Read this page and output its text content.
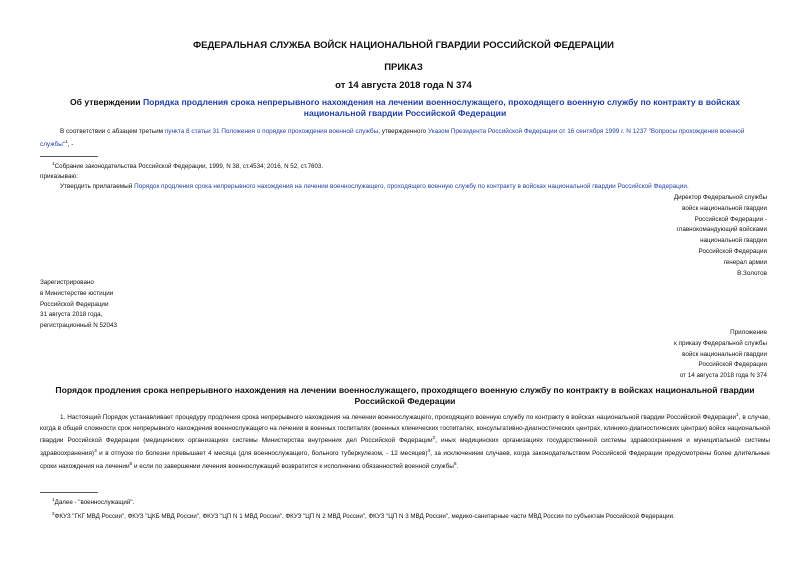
ФЕДЕРАЛЬНАЯ СЛУЖБА ВОЙСК НАЦИОНАЛЬНОЙ ГВАРДИИ РОССИЙСКОЙ ФЕДЕРАЦИИ
ПРИКАЗ
от 14 августа 2018 года N 374
Об утверждении Порядка продления срока непрерывного нахождения на лечении военнослужащего, проходящего военную службу по контракту в войсках национальной гвардии Российской Федерации
В соответствии с абзацем третьим пункта 8 статьи 31 Положения о порядке прохождения военной службы, утвержденного Указом Президента Российской Федерации от 16 сентября 1999 г. N 1237 "Вопросы прохождения военной службы"$^1$, -
$^1$Собрание законодательства Российской Федерации, 1999, N 38, ст.4534; 2016, N 52, ст.7603.
приказываю:
Утвердить прилагаемый Порядок продления срока непрерывного нахождения на лечении военнослужащего, проходящего военную службу по контракту в войсках национальной гвардии Российской Федерации.
Директор Федеральной службы
войск национальной гвардии
Российской Федерации -
главнокомандующий войсками
национальной гвардии
Российской Федерации
генерал армии
В.Золотов
Зарегистрировано
в Министерстве юстиции
Российской Федерации
31 августа 2018 года,
регистрационный N 52043
Приложение
к приказу Федеральной службы
войск национальной гвардии
Российской Федерации
от 14 августа 2018 года N 374
Порядок продления срока непрерывного нахождения на лечении военнослужащего, проходящего военную службу по контракту в войсках национальной гвардии Российской Федерации
1. Настоящий Порядок устанавливает процедуру продления срока непрерывного нахождения на лечении военнослужащего, проходящего военную службу по контракту в войсках национальной гвардии Российской Федерации$^1$, в случае, когда в общей сложности срок непрерывного нахождения военнослужащего на лечении в военных госпиталях (военных клинических госпиталях, консультативно-диагностических центрах, клинико-диагностических центрах) войск национальной гвардии Российской Федерации (медицинских организациях системы Министерства внутренних дел Российской Федерации$^2$, иных медицинских организациях государственной системы здравоохранения и муниципальной системы здравоохранения)$^3$ и в отпуске по болезни превышает 4 месяца (для военнослужащего, больного туберкулезом, - 12 месяцев)$^4$, за исключением случаев, когда законодательством Российской Федерации предусмотрены более длительные сроки нахождения на лечении$^5$ и если по завершении лечения военнослужащий возвратится к исполнению обязанностей военной службы$^6$.
$^1$Далее - "военнослужащий".
$^2$ФКУЗ "ГКГ МВД России", ФКУЗ "ЦКБ МВД России", ФКУЗ "ЦП N 1 МВД России", ФКУЗ "ЦП N 2 МВД России", ФКУЗ "ЦП N 3 МВД России", медико-санитарные части МВД России по субъектам Российской Федерации.
